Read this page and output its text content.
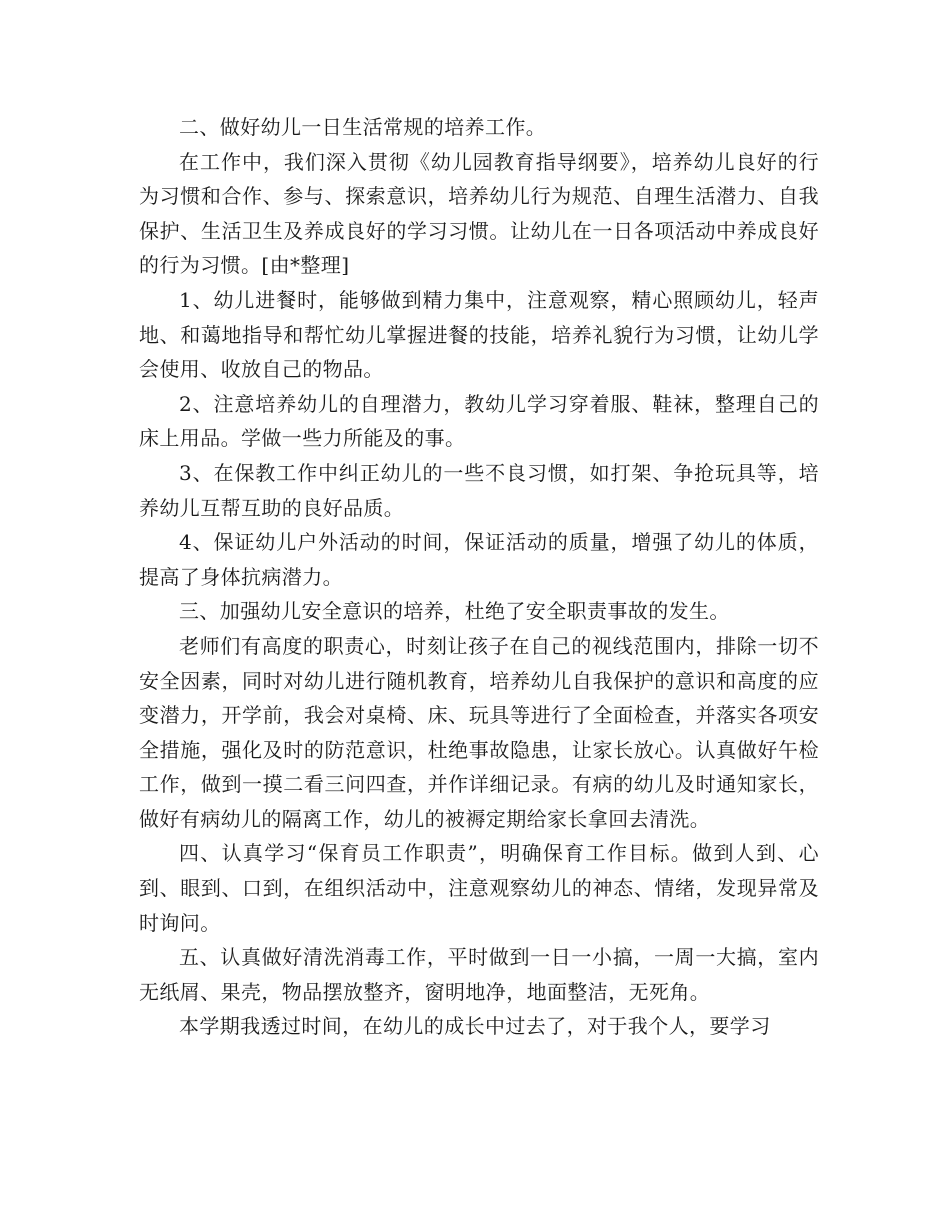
二、做好幼儿一日生活常规的培养工作。

在工作中，我们深入贯彻《幼儿园教育指导纲要》，培养幼儿良好的行为习惯和合作、参与、探索意识，培养幼儿行为规范、自理生活潜力、自我保护、生活卫生及养成良好的学习习惯。让幼儿在一日各项活动中养成良好的行为习惯。[由*整理]

1、幼儿进餐时，能够做到精力集中，注意观察，精心照顾幼儿，轻声地、和蔼地指导和帮忙幼儿掌握进餐的技能，培养礼貌行为习惯，让幼儿学会使用、收放自己的物品。

2、注意培养幼儿的自理潜力，教幼儿学习穿着服、鞋袜，整理自己的床上用品。学做一些力所能及的事。

3、在保教工作中纠正幼儿的一些不良习惯，如打架、争抢玩具等，培养幼儿互帮互助的良好品质。

4、保证幼儿户外活动的时间，保证活动的质量，增强了幼儿的体质，提高了身体抗病潜力。

三、加强幼儿安全意识的培养，杜绝了安全职责事故的发生。

老师们有高度的职责心，时刻让孩子在自己的视线范围内，排除一切不安全因素，同时对幼儿进行随机教育，培养幼儿自我保护的意识和高度的应变潜力，开学前，我会对桌椅、床、玩具等进行了全面检查，并落实各项安全措施，强化及时的防范意识，杜绝事故隐患，让家长放心。认真做好午检工作，做到一摸二看三问四查，并作详细记录。有病的幼儿及时通知家长，做好有病幼儿的隔离工作，幼儿的被褥定期给家长拿回去清洗。

四、认真学习“保育员工作职责”，明确保育工作目标。做到人到、心到、眼到、口到，在组织活动中，注意观察幼儿的神态、情绪，发现异常及时询问。

五、认真做好清洗消毒工作，平时做到一日一小搞，一周一大搞，室内无纸屑、果壳，物品摆放整齐，窗明地净，地面整洁，无死角。

本学期我透过时间，在幼儿的成长中过去了，对于我个人，要学习
